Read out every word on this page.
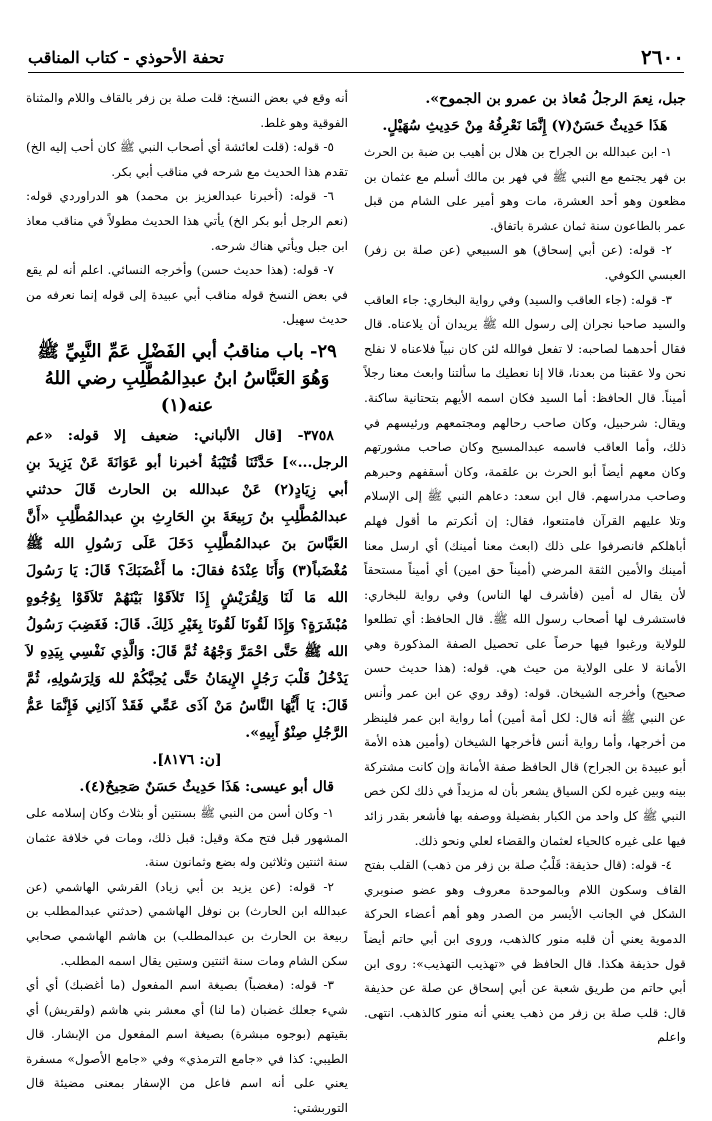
٢٦٠٠
تحفة الأحوذي - كتاب المناقب

جبل، نِعمَ الرجلُ مُعاذ بن عمرو بن الجموح».

هَذَا حَدِيثٌ حَسَنٌ(٧) إِنَّمَا نَعْرِفُهُ مِنْ حَدِيثِ سُهَيْلٍ.

١- ابن عبدالله بن الجراح بن هلال بن أهيب بن ضبة بن الحرث بن فهر يجتمع مع النبي ﷺ في فهر بن مالك أسلم مع عثمان بن مظعون وهو أحد العشرة، مات وهو أمير على الشام من قبل عمر بالطاعون سنة ثمان عشرة باتفاق.

٢- قوله: (عن أبي إسحاق) هو السبيعي (عن صلة بن زفر) العبسي الكوفي.

٣- قوله: (جاء العاقب والسيد) وفي رواية البخاري: جاء العاقب والسيد صاحبا نجران إلى رسول الله ﷺ يريدان أن يلاعناه. قال فقال أحدهما لصاحبه: لا تفعل فوالله لئن كان نبياً فلاعناه لا نفلح نحن ولا عقبنا من بعدنا، قالا إنا نعطيك ما سألتنا وابعث معنا رجلاً أميناً. قال الحافظ: أما السيد فكان اسمه الأيهم بتحتانية ساكنة. ويقال: شرحبيل، وكان صاحب رحالهم ومجتمعهم ورئيسهم في ذلك، وأما العاقب فاسمه عبدالمسيح وكان صاحب مشورتهم وكان معهم أيضاً أبو الحرث بن علقمة، وكان أسقفهم وحبرهم وصاحب مدراسهم. قال ابن سعد: دعاهم النبي ﷺ إلى الإسلام وتلا عليهم القرآن فامتنعوا، فقال: إن أنكرتم ما أقول فهلم أباهلكم فانصرفوا على ذلك (ابعث معنا أمينك) أي ارسل معنا أمينك والأمين الثقة المرضي (أميناً حق امين) أي أميناً مستحقاً لأن يقال له أمين (فأشرف لها الناس) وفي رواية للبخاري: فاستشرف لها أصحاب رسول الله ﷺ. قال الحافظ: أي تطلعوا للولاية ورغبوا فيها حرصاً على تحصيل الصفة المذكورة وهي الأمانة لا على الولاية من حيث هي. قوله: (هذا حديث حسن صحيح) وأخرجه الشيخان. قوله: (وقد روي عن ابن عمر وأنس عن النبي ﷺ أنه قال: لكل أمة أمين) أما رواية ابن عمر فلينظر من أخرجها، وأما رواية أنس فأخرجها الشيخان (وأمين هذه الأمة أبو عبيدة بن الجراح) قال الحافظ صفة الأمانة وإن كانت مشتركة بينه وبين غيره لكن السياق يشعر بأن له مزيداً في ذلك لكن خص النبي ﷺ كل واحد من الكبار بفضيلة ووصفه بها فأشعر بقدر زائد فيها على غيره كالحياء لعثمان والقضاء لعلي ونحو ذلك.

٤- قوله: (قال حذيفة: قَلْبُ صلة بن زفر من ذهب) القلب بفتح القاف وسكون اللام وبالموحدة معروف وهو عضو صنوبري الشكل في الجانب الأيسر من الصدر وهو أهم أعضاء الحركة الدموية يعني أن قلبه منور كالذهب، وروى ابن أبي حاتم أيضاً قول حذيفة هكذا. قال الحافظ في «تهذيب التهذيب»: روى ابن أبي حاتم من طريق شعبة عن أبي إسحاق عن صلة عن حذيفة قال: قلب صلة بن زفر من ذهب يعني أنه منور كالذهب. انتهى. واعلم

أنه وقع في بعض النسخ: قلت صلة بن زفر بالقاف واللام والمثناة الفوقية وهو غلط.

٥- قوله: (قلت لعائشة أي أصحاب النبي ﷺ كان أحب إليه الخ) تقدم هذا الحديث مع شرحه في مناقب أبي بكر.

٦- قوله: (أخبرنا عبدالعزيز بن محمد) هو الدراوردي قوله: (نعم الرجل أبو بكر الخ) يأتي هذا الحديث مطولاً في مناقب معاذ ابن جبل ويأتي هناك شرحه.

٧- قوله: (هذا حديث حسن) وأخرجه النسائي. اعلم أنه لم يقع في بعض النسخ قوله مناقب أبي عبيدة إلى قوله إنما نعرفه من حديث سهيل.

٢٩- باب مناقبُ أبي الفَضْلِ عَمِّ النَّبِيِّ ﷺ وَهُوَ العَبَّاسُ ابنُ عبدِالمُطَّلِبِ رضي اللهُ عنه(١)

٣٧٥٨- [قال الألباني: ضعيف إلا قوله: «عم الرجل...»] حَدَّثَنَا قُتَيْبَةُ أخبرنا أبو عَوَانَةَ عَنْ يَزِيدَ بنِ أبي زِيَادٍ(٢) عَنْ عبدالله بن الحارث قَالَ حدثني عبدالمُطَّلِبِ بنُ رَبِيعَةَ بنِ الحَارِثِ بنِ عبدالمُطَّلِبِ «أَنَّ العَبَّاسَ بنَ عبدالمُطَّلِبِ دَخَلَ عَلَى رَسُولِ الله ﷺ مُغْضَباً(٣) وَأَنَا عِنْدَهُ فقالَ: ما أَغْضَبَكَ؟ قَالَ: يَا رَسُولَ الله مَا لَنَا وَلِقُرَيْشٍ إِذَا تَلاَقَوْا بَيْنَهُمْ تَلاَقَوْا بِوُجُوهٍ مُبْشَرَةٍ؟ وَإِذَا لَقُونَا لَقُونَا بِغَيْرِ ذَلِكَ. قَالَ: فَغَضِبَ رَسُولُ الله ﷺ حَتَّى احْمَرَّ وَجْهُهُ ثُمَّ قَالَ: وَالَّذِي نَفْسِي بِيَدِهِ لاَ يَدْخُلُ قَلْبَ رَجُلٍ الإِيمَانُ حَتَّى يُحِبَّكُمْ لله وَلِرَسُولِهِ، ثُمَّ قَالَ: يَا أَيُّهَا النَّاسُ مَنْ آذَى عَمِّي فَقَدْ آذَانِي فَإِنَّمَا عَمُّ الرَّجُلِ صِنْوُ أَبِيهِ».

[ن: ٨١٧٦].

قال أبو عيسى: هَذَا حَدِيثٌ حَسَنٌ صَحِيحٌ(٤).

١- وكان أسن من النبي ﷺ بسنتين أو بثلاث وكان إسلامه على المشهور قبل فتح مكة وقيل: قبل ذلك، ومات في خلافة عثمان سنة اثنتين وثلاثين وله بضع وثمانون سنة.

٢- قوله: (عن يزيد بن أبي زياد) القرشي الهاشمي (عن عبدالله ابن الحارث) بن نوفل الهاشمي (حدثني عبدالمطلب بن ربيعة بن الحارث بن عبدالمطلب) بن هاشم الهاشمي صحابي سكن الشام ومات سنة اثنتين وستين يقال اسمه المطلب.

٣- قوله: (مغضباً) بصيغة اسم المفعول (ما أغضبك) أي أي شيء جعلك غضبان (ما لنا) أي معشر بني هاشم (ولقريش) أي بقيتهم (بوجوه مبشرة) بصيغة اسم المفعول من الإبشار. قال الطيبي: كذا في «جامع الترمذي» وفي «جامع الأصول» مسفرة يعني على أنه اسم فاعل من الإسفار بمعنى مضيئة قال التوربشتي:
